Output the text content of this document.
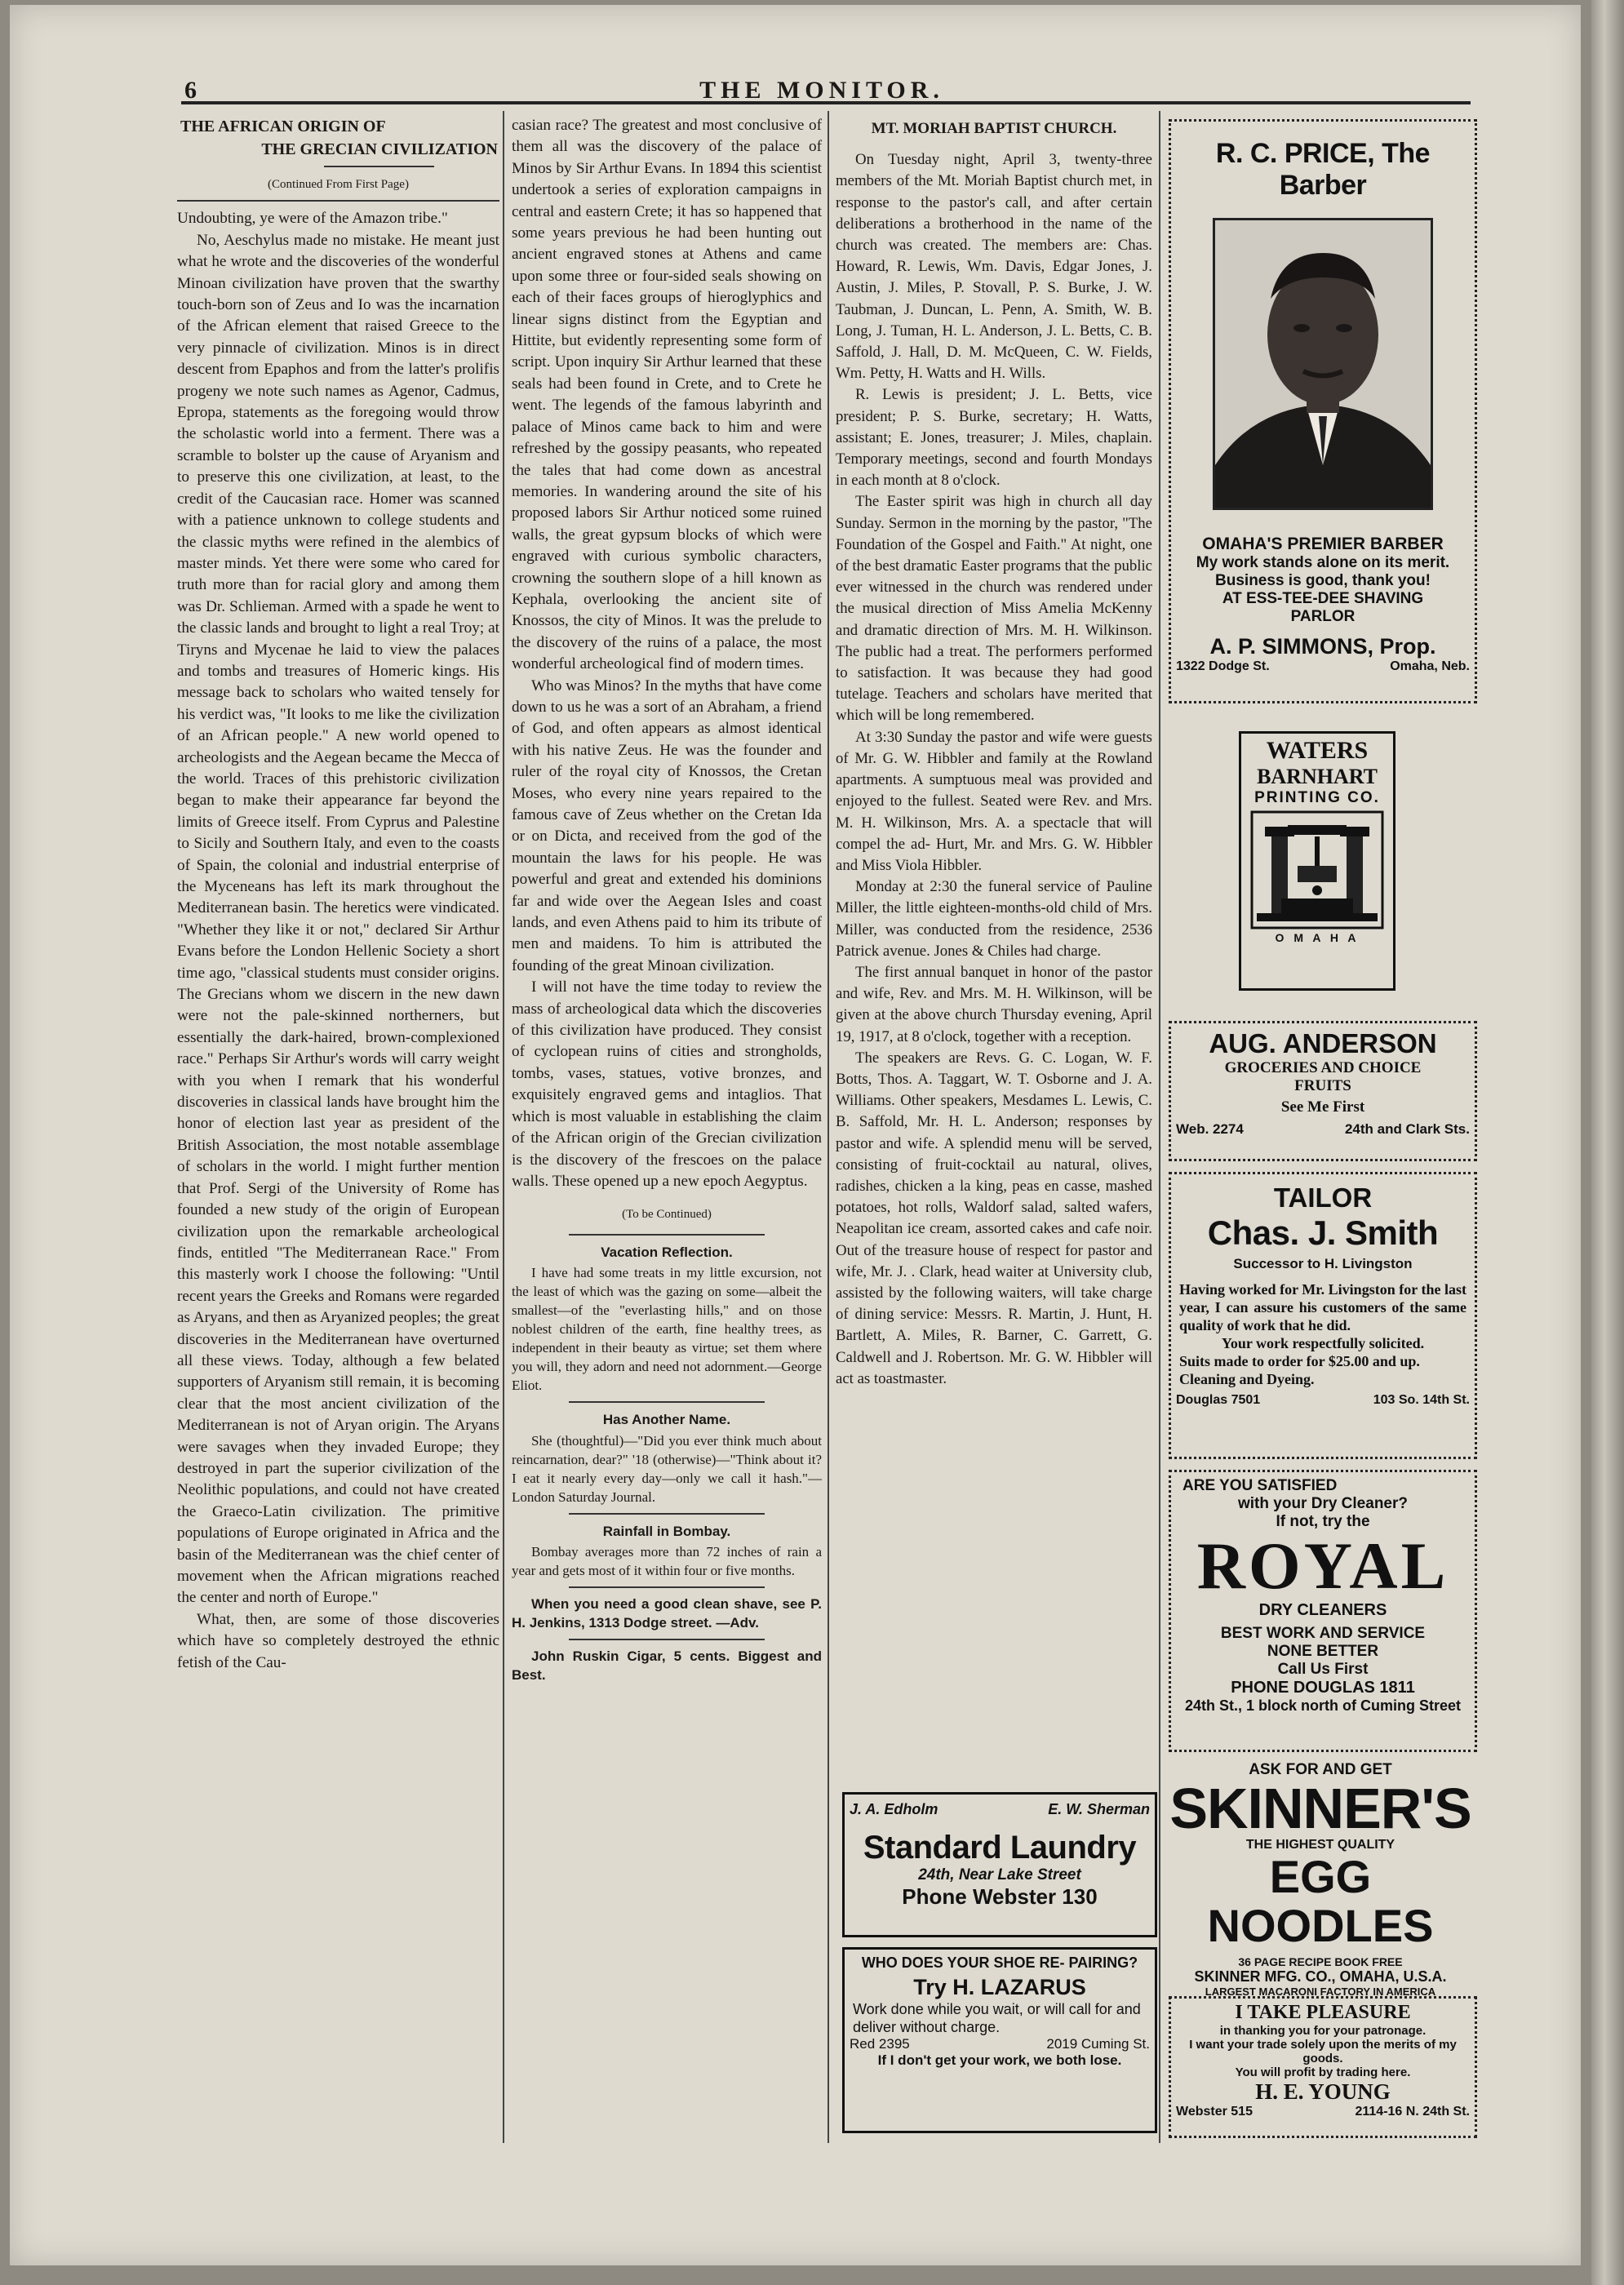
6	THE MONITOR.
THE AFRICAN ORIGIN OF
THE GRECIAN CIVILIZATION

(Continued From First Page)

Undoubting, ye were of the Amazon tribe."

No, Aeschylus made no mistake. He meant just what he wrote and the discoveries of the wonderful Minoan civilization have proven that the swarthy touch-born son of Zeus and Io was the incarnation of the African element that raised Greece to the very pinnacle of civilization. Minos is in direct descent from Epaphos and from the latter's prolifis progeny we note such names as Agenor, Cadmus, Epropa, statements as the foregoing would throw the scholastic world into a ferment. There was a scramble to bolster up the cause of Aryanism and to preserve this one civilization, at least, to the credit of the Caucasian race. Homer was scanned with a patience unknown to college students and the classic myths were refined in the alembics of master minds. Yet there were some who cared for truth more than for racial glory and among them was Dr. Schlieman. Armed with a spade he went to the classic lands and brought to light a real Troy; at Tiryns and Mycenae he laid to view the palaces and tombs and treasures of Homeric kings. His message back to scholars who waited tensely for his verdict was, "It looks to me like the civilization of an African people." A new world opened to archeologists and the Aegean became the Mecca of the world. Traces of this prehistoric civilization began to make their appearance far beyond the limits of Greece itself. From Cyprus and Palestine to Sicily and Southern Italy, and even to the coasts of Spain, the colonial and industrial enterprise of the Myceneans has left its mark throughout the Mediterranean basin. The heretics were vindicated. "Whether they like it or not," declared Sir Arthur Evans before the London Hellenic Society a short time ago, "classical students must consider origins. The Grecians whom we discern in the new dawn were not the pale-skinned northerners, but essentially the dark-haired, brown-complexioned race." Perhaps Sir Arthur's words will carry weight with you when I remark that his wonderful discoveries in classical lands have brought him the honor of election last year as president of the British Association, the most notable assemblage of scholars in the world. I might further mention that Prof. Sergi of the University of Rome has founded a new study of the origin of European civilization upon the remarkable archeological finds, entitled "The Mediterranean Race." From this masterly work I choose the following: "Until recent years the Greeks and Romans were regarded as Aryans, and then as Aryanized peoples; the great discoveries in the Mediterranean have overturned all these views. Today, although a few belated supporters of Aryanism still remain, it is becoming clear that the most ancient civilization of the Mediterranean is not of Aryan origin. The Aryans were savages when they invaded Europe; they destroyed in part the superior civilization of the Neolithic populations, and could not have created the Graeco-Latin civilization. The primitive populations of Europe originated in Africa and the basin of the Mediterranean was the chief center of movement when the African migrations reached the center and north of Europe."

What, then, are some of those discoveries which have so completely destroyed the ethnic fetish of the Cau-

casian race? The greatest and most conclusive of them all was the discovery of the palace of Minos by Sir Arthur Evans. In 1894 this scientist undertook a series of exploration campaigns in central and eastern Crete; it has so happened that some years previous he had been hunting out ancient engraved stones at Athens and came upon some three or four-sided seals showing on each of their faces groups of hieroglyphics and linear signs distinct from the Egyptian and Hittite, but evidently representing some form of script. Upon inquiry Sir Arthur learned that these seals had been found in Crete, and to Crete he went. The legends of the famous labyrinth and palace of Minos came back to him and were refreshed by the gossipy peasants, who repeated the tales that had come down as ancestral memories. In wandering around the site of his proposed labors Sir Arthur noticed some ruined walls, the great gypsum blocks of which were engraved with curious symbolic characters, crowning the southern slope of a hill known as Kephala, overlooking the ancient site of Knossos, the city of Minos. It was the prelude to the discovery of the ruins of a palace, the most wonderful archeological find of modern times.

Who was Minos? In the myths that have come down to us he was a sort of an Abraham, a friend of God, and often appears as almost identical with his native Zeus. He was the founder and ruler of the royal city of Knossos, the Cretan Moses, who every nine years repaired to the famous cave of Zeus whether on the Cretan Ida or on Dicta, and received from the god of the mountain the laws for his people. He was powerful and great and extended his dominions far and wide over the Aegean Isles and coast lands, and even Athens paid to him its tribute of men and maidens. To him is attributed the founding of the great Minoan civilization.

I will not have the time today to review the mass of archeological data which the discoveries of this civilization have produced. They consist of cyclopean ruins of cities and strongholds, tombs, vases, statues, votive bronzes, and exquisitely engraved gems and intaglios. That which is most valuable in establishing the claim of the African origin of the Grecian civilization is the discovery of the frescoes on the palace walls. These opened up a new epoch Aegyptus.

(To be Continued)

Vacation Reflection.

I have had some treats in my little excursion, not the least of which was the gazing on some—albeit the smallest—of the "everlasting hills," and on those noblest children of the earth, fine healthy trees, as independent in their beauty as virtue; set them where you will, they adorn and need not adornment.—George Eliot.

Has Another Name.

She (thoughtful)—"Did you ever think much about reincarnation, dear?" '18 (otherwise)—"Think about it? I eat it nearly every day—only we call it hash."—London Saturday Journal.

Rainfall in Bombay.

Bombay averages more than 72 inches of rain a year and gets most of it within four or five months.

When you need a good clean shave, see P. H. Jenkins, 1313 Dodge street. —Adv.

John Ruskin Cigar, 5 cents. Biggest and Best.

MT. MORIAH BAPTIST CHURCH.

On Tuesday night, April 3, twenty-three members of the Mt. Moriah Baptist church met, in response to the pastor's call, and after certain deliberations a brotherhood in the name of the church was created. The members are: Chas. Howard, R. Lewis, Wm. Davis, Edgar Jones, J. Austin, J. Miles, P. Stovall, P. S. Burke, J. W. Taubman, J. Duncan, L. Penn, A. Smith, W. B. Long, J. Tuman, H. L. Anderson, J. L. Betts, C. B. Saffold, J. Hall, D. M. McQueen, C. W. Fields, Wm. Petty, H. Watts and H. Wills.

R. Lewis is president; J. L. Betts, vice president; P. S. Burke, secretary; H. Watts, assistant; E. Jones, treasurer; J. Miles, chaplain. Temporary meetings, second and fourth Mondays in each month at 8 o'clock.

The Easter spirit was high in church all day Sunday. Sermon in the morning by the pastor, "The Foundation of the Gospel and Faith." At night, one of the best dramatic Easter programs that the public ever witnessed in the church was rendered under the musical direction of Miss Amelia McKenny and dramatic direction of Mrs. M. H. Wilkinson. The public had a treat. The performers performed to satisfaction. It was because they had good tutelage. Teachers and scholars have merited that which will be long remembered.

At 3:30 Sunday the pastor and wife were guests of Mr. G. W. Hibbler and family at the Rowland apartments. A sumptuous meal was provided and enjoyed to the fullest. Seated were Rev. and Mrs. M. H. Wilkinson, Mrs. A. a spectacle that will compel the ad- Hurt, Mr. and Mrs. G. W. Hibbler and Miss Viola Hibbler.

Monday at 2:30 the funeral service of Pauline Miller, the little eighteen-months-old child of Mrs. Miller, was conducted from the residence, 2536 Patrick avenue. Jones & Chiles had charge.

The first annual banquet in honor of the pastor and wife, Rev. and Mrs. M. H. Wilkinson, will be given at the above church Thursday evening, April 19, 1917, at 8 o'clock, together with a reception.

The speakers are Revs. G. C. Logan, W. F. Botts, Thos. A. Taggart, W. T. Osborne and J. A. Williams. Other speakers, Mesdames L. Lewis, C. B. Saffold, Mr. H. L. Anderson; responses by pastor and wife. A splendid menu will be served, consisting of fruit-cocktail au natural, olives, radishes, chicken a la king, peas en casse, mashed potatoes, hot rolls, Waldorf salad, salted wafers, Neapolitan ice cream, assorted cakes and cafe noir. Out of the treasure house of respect for pastor and wife, Mr. J. . Clark, head waiter at University club, assisted by the following waiters, will take charge of dining service: Messrs. R. Martin, J. Hunt, H. Bartlett, A. Miles, R. Barner, C. Garrett, G. Caldwell and J. Robertson. Mr. G. W. Hibbler will act as toastmaster.

J. A. Edholm	E. W. Sherman
Standard Laundry
24th, Near Lake Street
Phone Webster 130
WHO DOES YOUR SHOE RE- PAIRING?
Try H. LAZARUS
Work done while you wait, or will call for and deliver without charge.
Red 2395	2019 Cuming St.
If I don't get your work, we both lose.
R. C. PRICE, The Barber
OMAHA'S PREMIER BARBER
My work stands alone on its merit.
Business is good, thank you!
AT ESS-TEE-DEE SHAVING PARLOR
A. P. SIMMONS, Prop.
1322 Dodge St.	Omaha, Neb.
WATERS
BARNHART
PRINTING CO.
O M A H A
AUG. ANDERSON
GROCERIES AND CHOICE
FRUITS
See Me First
Web. 2274	24th and Clark Sts.
TAILOR
Chas. J. Smith
Successor to H. Livingston
Having worked for Mr. Livingston for the last year, I can assure his customers of the same quality of work that he did.
Your work respectfully solicited.
Suits made to order for $25.00 and up. Cleaning and Dyeing.
Douglas 7501	103 So. 14th St.
ARE YOU SATISFIED
with your Dry Cleaner?
If not, try the
ROYAL
DRY CLEANERS
BEST WORK AND SERVICE
NONE BETTER
Call Us First
PHONE DOUGLAS 1811
24th St., 1 block north of Cuming Street
ASK FOR AND GET
SKINNER'S
THE HIGHEST QUALITY
EGG NOODLES
36 PAGE RECIPE BOOK FREE
SKINNER MFG. CO., OMAHA, U.S.A.
LARGEST MACARONI FACTORY IN AMERICA
I TAKE PLEASURE
in thanking you for your patronage.
I want your trade solely upon the merits of my goods.
You will profit by trading here.
H. E. YOUNG
Webster 515	2114-16 N. 24th St.
